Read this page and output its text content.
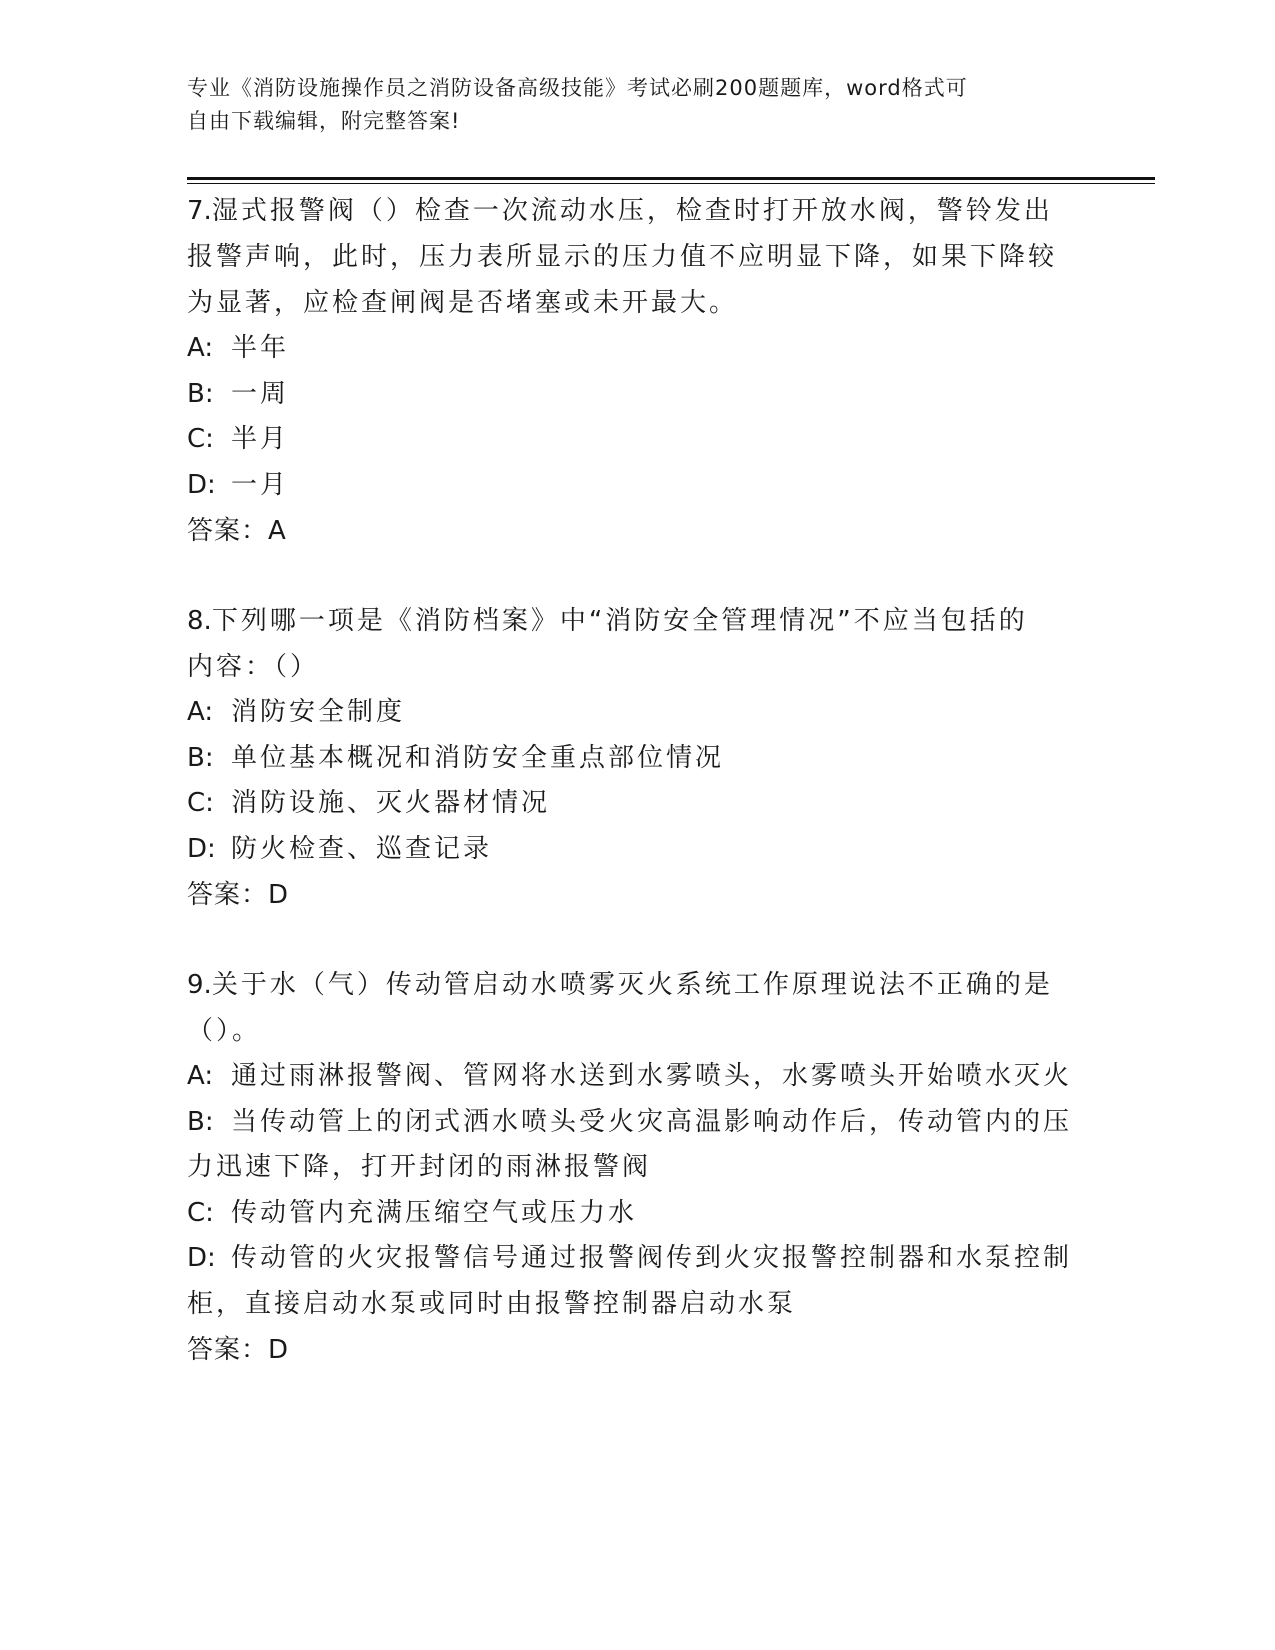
专业《消防设施操作员之消防设备高级技能》考试必刷200题题库，word格式可
自由下载编辑，附完整答案!
7.湿式报警阀（）检查一次流动水压，检查时打开放水阀，警铃发出
报警声响，此时，压力表所显示的压力值不应明显下降，如果下降较
为显著，应检查闸阀是否堵塞或未开最大。
A: 半年
B: 一周
C: 半月
D: 一月
答案：A
8.下列哪一项是《消防档案》中“消防安全管理情况”不应当包括的
内容：（）
A: 消防安全制度
B: 单位基本概况和消防安全重点部位情况
C: 消防设施、灭火器材情况
D: 防火检查、巡查记录
答案：D
9.关于水（气）传动管启动水喷雾灭火系统工作原理说法不正确的是
（）。
A: 通过雨淋报警阀、管网将水送到水雾喷头，水雾喷头开始喷水灭火
B: 当传动管上的闭式洒水喷头受火灾高温影响动作后，传动管内的压
力迅速下降，打开封闭的雨淋报警阀
C: 传动管内充满压缩空气或压力水
D: 传动管的火灾报警信号通过报警阀传到火灾报警控制器和水泵控制
柜，直接启动水泵或同时由报警控制器启动水泵
答案：D
